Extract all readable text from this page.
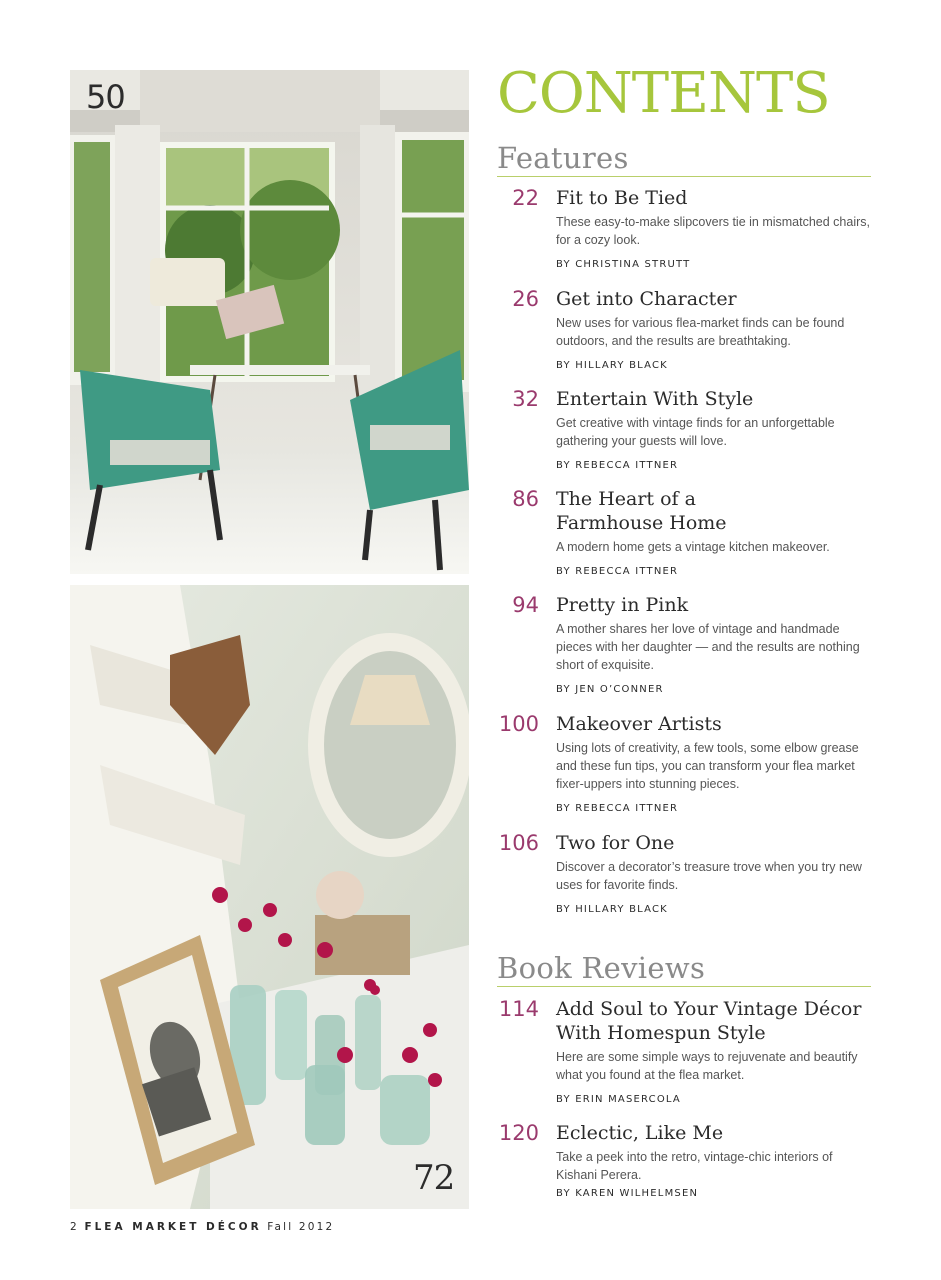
50
72
CONTENTS
Features
22 Fit to Be Tied
These easy-to-make slipcovers tie in mismatched chairs, for a cozy look.
BY CHRISTINA STRUTT
26 Get into Character
New uses for various flea-market finds can be found outdoors, and the results are breathtaking.
BY HILLARY BLACK
32 Entertain With Style
Get creative with vintage finds for an unforgettable gathering your guests will love.
BY REBECCA ITTNER
86 The Heart of a Farmhouse Home
A modern home gets a vintage kitchen makeover.
BY REBECCA ITTNER
94 Pretty in Pink
A mother shares her love of vintage and handmade pieces with her daughter — and the results are nothing short of exquisite.
BY JEN O’CONNER
100 Makeover Artists
Using lots of creativity, a few tools, some elbow grease and these fun tips, you can transform your flea market fixer-uppers into stunning pieces.
BY REBECCA ITTNER
106 Two for One
Discover a decorator’s treasure trove when you try new uses for favorite finds.
BY HILLARY BLACK
Book Reviews
114 Add Soul to Your Vintage Décor With Homespun Style
Here are some simple ways to rejuvenate and beautify what you found at the flea market.
BY ERIN MASERCOLA
120 Eclectic, Like Me
Take a peek into the retro, vintage-chic interiors of Kishani Perera.
BY KAREN WILHELMSEN
2 FLEA MARKET DÉCOR Fall 2012
